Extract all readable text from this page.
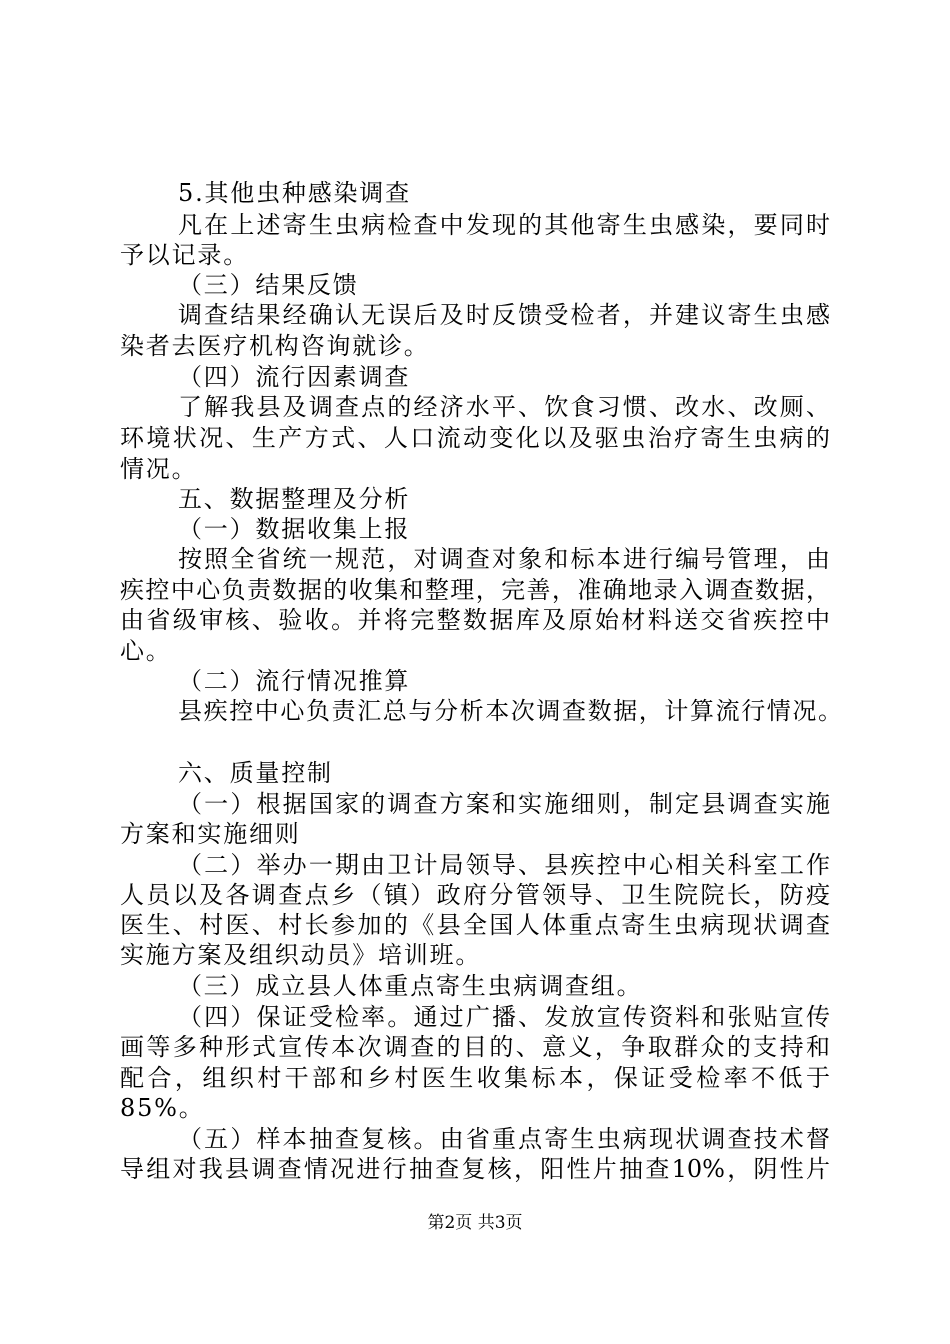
5.其他虫种感染调查
凡在上述寄生虫病检查中发现的其他寄生虫感染，要同时
予以记录。
（三）结果反馈
调查结果经确认无误后及时反馈受检者，并建议寄生虫感
染者去医疗机构咨询就诊。
（四）流行因素调查
了解我县及调查点的经济水平、饮食习惯、改水、改厕、
环境状况、生产方式、人口流动变化以及驱虫治疗寄生虫病的
情况。
五、数据整理及分析
（一）数据收集上报
按照全省统一规范，对调查对象和标本进行编号管理，由
疾控中心负责数据的收集和整理，完善，准确地录入调查数据，
由省级审核、验收。并将完整数据库及原始材料送交省疾控中
心。
（二）流行情况推算
县疾控中心负责汇总与分析本次调查数据，计算流行情况。
六、质量控制
（一）根据国家的调查方案和实施细则，制定县调查实施
方案和实施细则
（二）举办一期由卫计局领导、县疾控中心相关科室工作
人员以及各调查点乡（镇）政府分管领导、卫生院院长，防疫
医生、村医、村长参加的《县全国人体重点寄生虫病现状调查
实施方案及组织动员》培训班。
（三）成立县人体重点寄生虫病调查组。
（四）保证受检率。通过广播、发放宣传资料和张贴宣传
画等多种形式宣传本次调查的目的、意义，争取群众的支持和
配合，组织村干部和乡村医生收集标本，保证受检率不低于
85%。
（五）样本抽查复核。由省重点寄生虫病现状调查技术督
导组对我县调查情况进行抽查复核，阳性片抽查10%，阴性片
第2页 共3页
